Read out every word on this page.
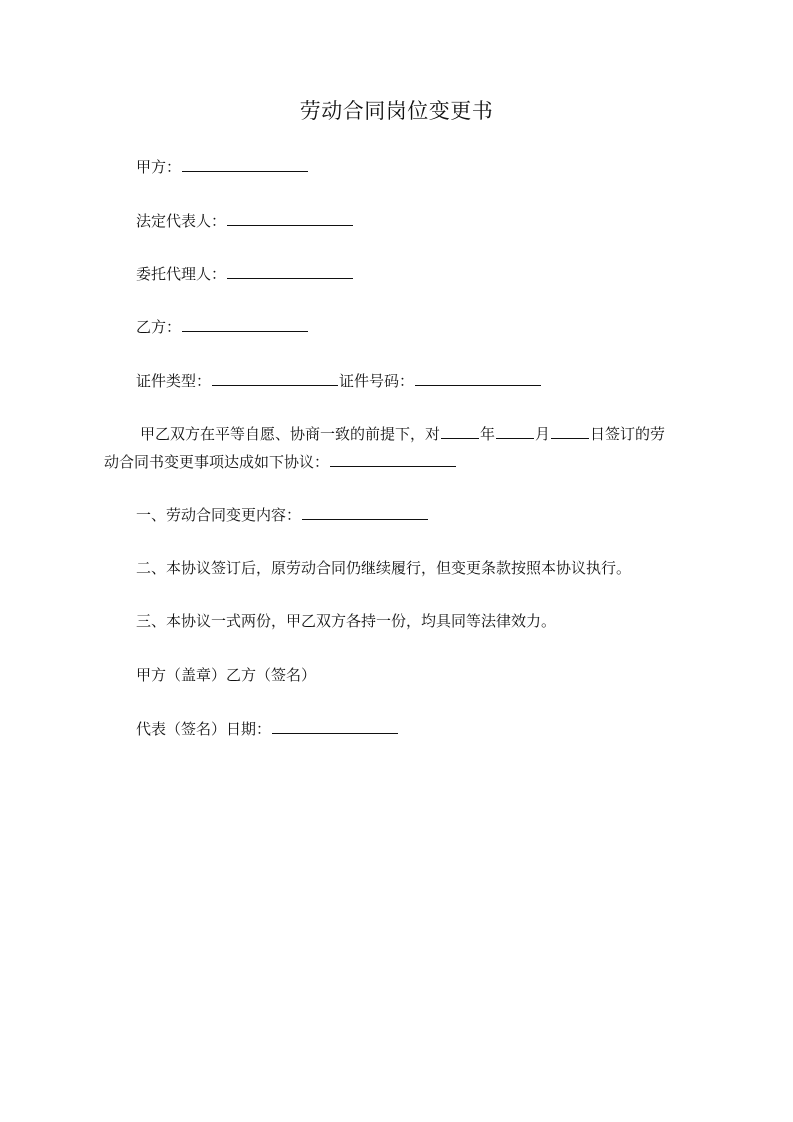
劳动合同岗位变更书
甲方：
法定代表人：
委托代理人：
乙方：
证件类型：	证件号码：
甲乙双方在平等自愿、协商一致的前提下，对	年	月	日签订的劳
动合同书变更事项达成如下协议：
一、劳动合同变更内容：
二、本协议签订后，原劳动合同仍继续履行，但变更条款按照本协议执行。
三、本协议一式两份，甲乙双方各持一份，均具同等法律效力。
甲方（盖章）乙方（签名）
代表（签名）日期：
